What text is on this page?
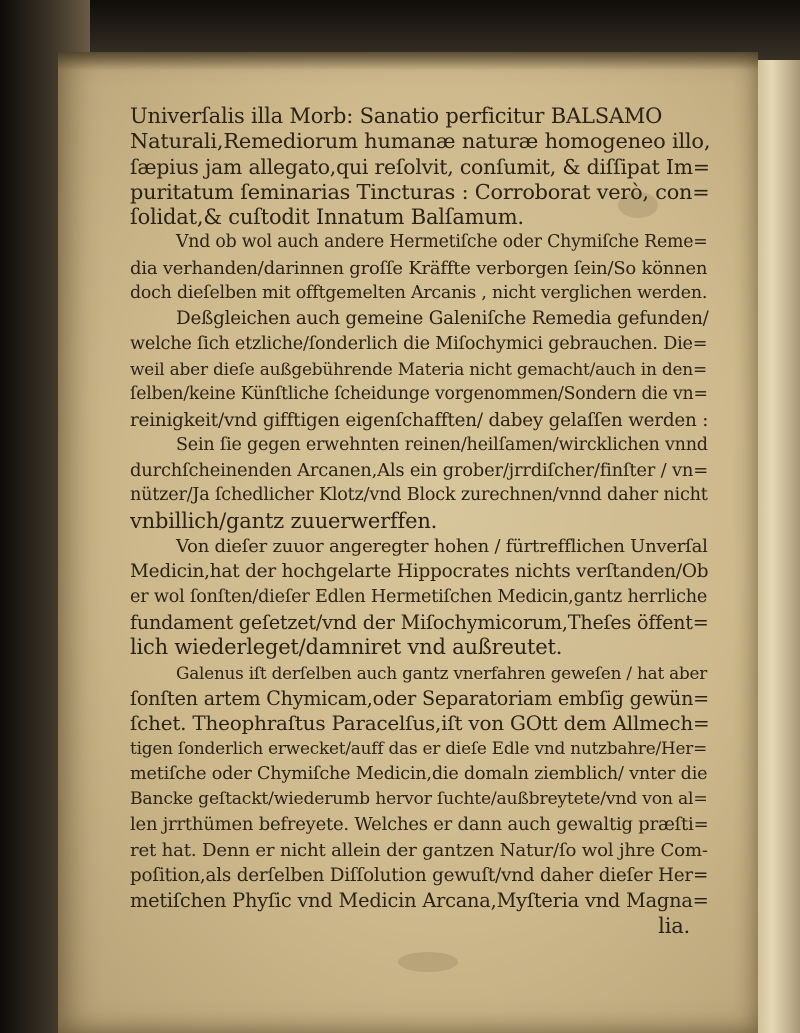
Univerſalis illa Morb: Sanatio perficitur BALSAMO
Naturali,Remediorum humanæ naturæ homogeneo illo,
ſæpius jam allegato,qui reſolvit, conſumit, & diſſipat Im=
puritatum ſeminarias Tincturas : Corroborat verò, con=
ſolidat,& cuſtodit Innatum Balſamum.
Vnd ob wol auch andere Hermetiſche oder Chymiſche Reme=
dia verhanden/darinnen groſſe Kräffte verborgen ſein/So können
doch dieſelben mit offtgemelten Arcanis , nicht verglichen werden.
Deßgleichen auch gemeine Galeniſche Remedia gefunden/
welche ſich etzliche/ſonderlich die Miſochymici gebrauchen. Die=
weil aber dieſe außgebührende Materia nicht gemacht/auch in den=
ſelben/keine Künſtliche ſcheidunge vorgenommen/Sondern die vn=
reinigkeit/vnd gifftigen eigenſchafften/ dabey gelaſſen werden :
Sein ſie gegen erwehnten reinen/heilſamen/wircklichen vnnd
durchſcheinenden Arcanen,Als ein grober/jrrdiſcher/finſter / vn=
nützer/Ja ſchedlicher Klotz/vnd Block zurechnen/vnnd daher nicht
vnbillich/gantz zuuerwerffen.
Von dieſer zuuor angeregter hohen / fürtrefflichen Unverſal
Medicin,hat der hochgelarte Hippocrates nichts verſtanden/Ob
er wol ſonſten/dieſer Edlen Hermetiſchen Medicin,gantz herrliche
fundament geſetzet/vnd der Miſochymicorum,Theſes öffent=
lich wiederleget/damniret vnd außreutet.
Galenus iſt derſelben auch gantz vnerfahren geweſen / hat aber
ſonſten artem Chymicam,oder Separatoriam embſig gewün=
ſchet. Theophraſtus Paracelſus,iſt von GOtt dem Allmech=
tigen ſonderlich erwecket/auff das er dieſe Edle vnd nutzbahre/Her=
metiſche oder Chymiſche Medicin,die domaln ziemblich/ vnter die
Bancke geſtackt/wiederumb hervor ſuchte/außbreytete/vnd von al=
len jrrthümen befreyete. Welches er dann auch gewaltig præſti=
ret hat. Denn er nicht allein der gantzen Natur/ſo wol jhre Com-
poſition,als derſelben Diſſolution gewuſt/vnd daher dieſer Her=
metiſchen Phyſic vnd Medicin Arcana,Myſteria vnd Magna=
lia.
